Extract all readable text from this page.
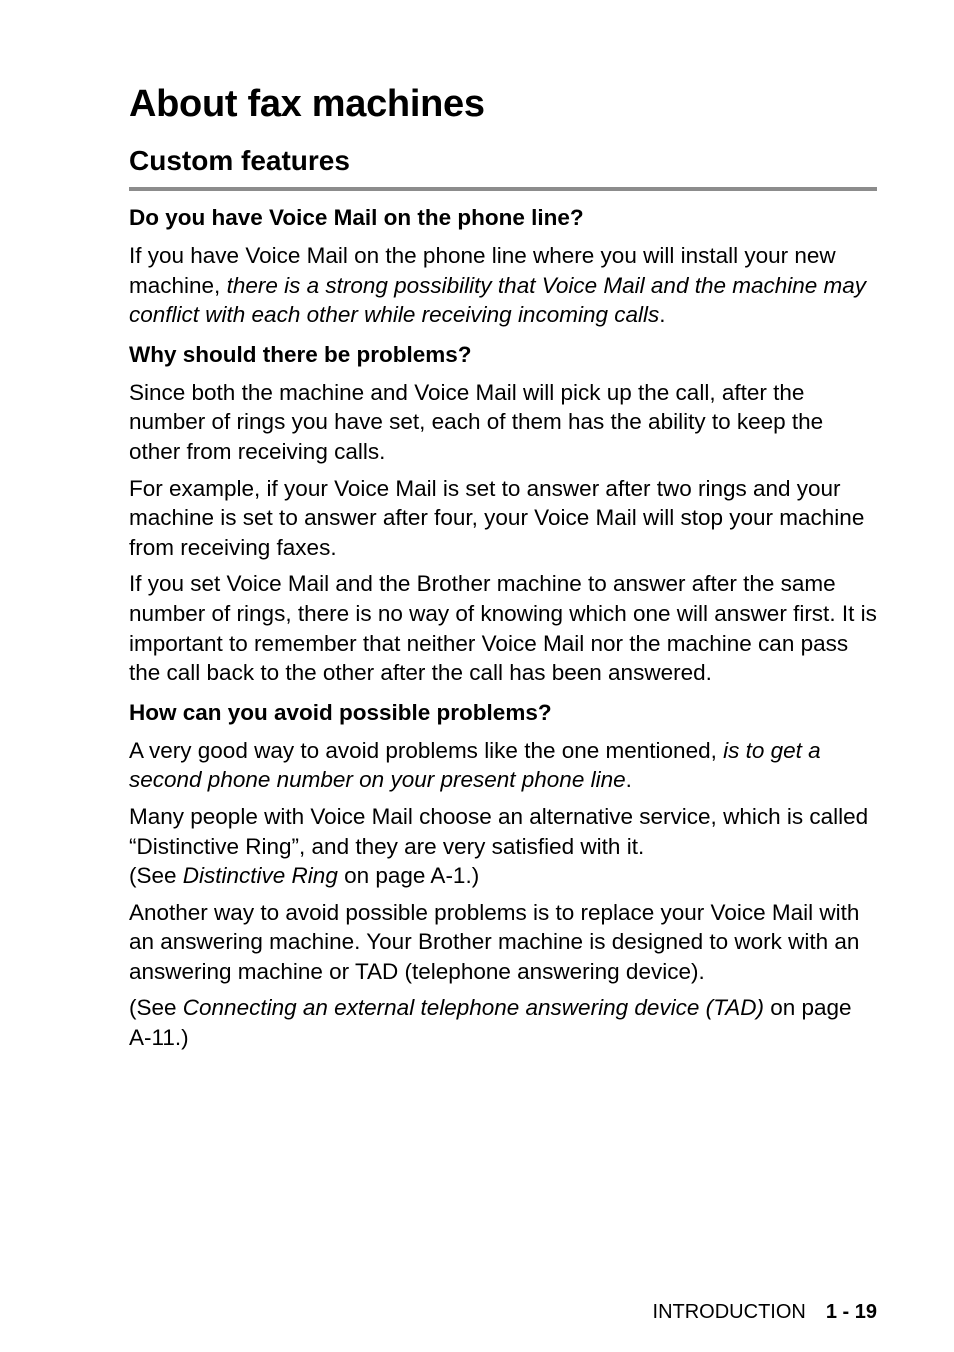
About fax machines
Custom features
Do you have Voice Mail on the phone line?

If you have Voice Mail on the phone line where you will install your new machine, there is a strong possibility that Voice Mail and the machine may conflict with each other while receiving incoming calls.

Why should there be problems?

Since both the machine and Voice Mail will pick up the call, after the number of rings you have set, each of them has the ability to keep the other from receiving calls.

For example, if your Voice Mail is set to answer after two rings and your machine is set to answer after four, your Voice Mail will stop your machine from receiving faxes.

If you set Voice Mail and the Brother machine to answer after the same number of rings, there is no way of knowing which one will answer first. It is important to remember that neither Voice Mail nor the machine can pass the call back to the other after the call has been answered.

How can you avoid possible problems?

A very good way to avoid problems like the one mentioned, is to get a second phone number on your present phone line.

Many people with Voice Mail choose an alternative service, which is called “Distinctive Ring”, and they are very satisfied with it.
(See Distinctive Ring on page A-1.)

Another way to avoid possible problems is to replace your Voice Mail with an answering machine. Your Brother machine is designed to work with an answering machine or TAD (telephone answering device).

(See Connecting an external telephone answering device (TAD) on page A-11.)

INTRODUCTION 1 - 19
